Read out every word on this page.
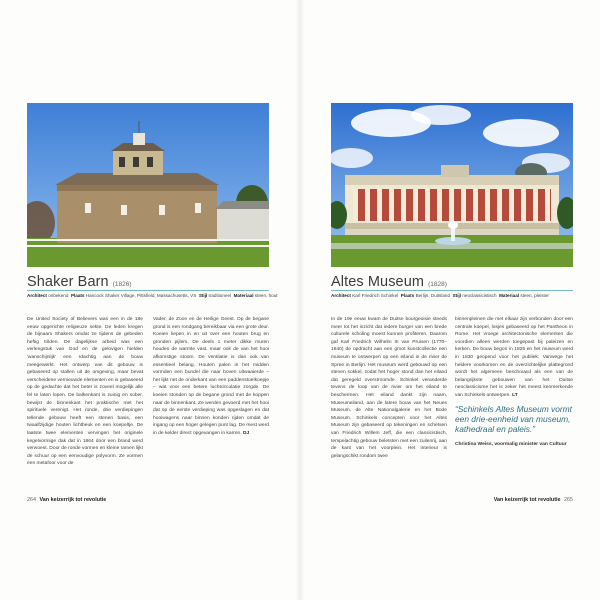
Shaker Barn (1826)
Architect onbekend Plaats Hancock Shaker Village, Pittsfield, Massachusetts, VS Stijl traditioneel Materiaal steen, hout

De United Society of Believers was een in de 18e eeuw opgerichte religieuze sekte. De leden kregen de bijnaam Shakers omdat ze tijdens de gebeden heftig trilden. De dagelijkse arbeid was een verlengstuk van God en de gelovigen hielden 'wanschijnlijk' een rdachtig aan de bouw meegewerkt. Het ontwerp van dit gebouw is gebaseerd op stallen uit de omgeving, maar bevat verscheidene vernieuwde elementen en is gebaseerd op de gedachte dat het beter is zoveel mogelijk alle fel te laten lopen. De balkenkant is zuinig en sober, bewijst de binnenkant het praktische met het spirituele verenigt. Het ronde, drie verdiepingen tellende gebouw heeft een stenen basis, een twaalfzijdige houten lichtbeuk en een koepeltje. De laatste twee elementen vervingen het originele kegelvormige dak dat in 1864 door een brand werd verwoest. Door de ronde vormen en kleine ramen lijkt de schuur op een eenvoudige polyvorm. Ze vormen een metafoor voor de

Vader, de Zoon en de Heilige Geest. Op de begane grond is een rondgang bereikbaar via een grote deur. Koeien liepen in en uit over een houten brug en gronden pijlers. De deels 1 meter dikke muren houden de warmte vast, maar ook de van het hooi afkomstige stoom. De ventilatie is dan ook van essentieel belang. Houten palen in het midden vormden een bundel die naar boven uitwaaierde – het lijkt net de onderkant van een paddenstoelkoepje – wat voor een betere luchtcirculatie zorgde. De koeien stonden op de begane grond met de koppen naar de binnenkant. Ze werden gevoerd met het hooi dat op de eerste verdieping was opgeslagen en dat hooiwagens naar binnen konden rijden omdat de ingang op een hoger gelegen punt lag. De mest werd in de kelder direct opgevangen in karren. DJ

264 Van keizerrijk tot revolutie
Altes Museum (1828)
Architect Karl Friedrich Schinkel Plaats Berlijn, Duitsland Stijl neoclassicistisch Materiaal steen, pleister

In de 19e eeuw kwam de Duitse bourgeoisie steeds meer tot het inzicht dat iedere burger van een brede culturele scholing moest kunnen profiteren. Daarom gaf Karl Friedrich Wilhelm III van Pruisen (1770–1840) de opdracht aan een groot kunstcollectie een museum te ontwerpen op een eiland in de rivier de Spree in Berlijn. Het museum werd gebouwd op een stenen sokkel, zodat het hoger stond dan het eiland dat geregeld overstroomde. Schinkel veranderde tevens de loop van de rivier om het eiland te beschermen. Het eiland dankt zijn naam, Museumeiland, aan de latere bouw van het Neues Museum, de Alte Nationalgalerie en het Bode Museum. Schinkels concepten voor het Altes Museum zijn gebaseerd op tekeningen en schetsen van Friedrich Willem Jeff, die een classicistisch, tempelachtig gebouw beletsten met een zuilenrij, aan de kant van het voorplein. Het interieur is gelangschikt rondom twee

binnenpleinen die met elkaar zijn verbonden door een centrale koepel, losjes gebaseerd op het Pantheon in Rome. Het vroege architectonische elementen die voordien alleen werden toegepast bij paleizen en kerken. De bouw begon in 1825 en het museum werd in 1830 geopend voor het publiek. Vanwege het heldere voorkomen en de overzichtelijke plattegrond wordt het algemeen beschouwd als een van de belangrijkste gebouwen van het Duitse neoclassicisme het is zeker het meest kenmerkende van Schinkels ontwerpen. LT

“Schinkels Altes Museum vormt een drie-eenheid van museum, kathedraal en paleis.”
Christina Weiss, voormalig minister van Cultuur
Van keizerrijk tot revolutie 265
